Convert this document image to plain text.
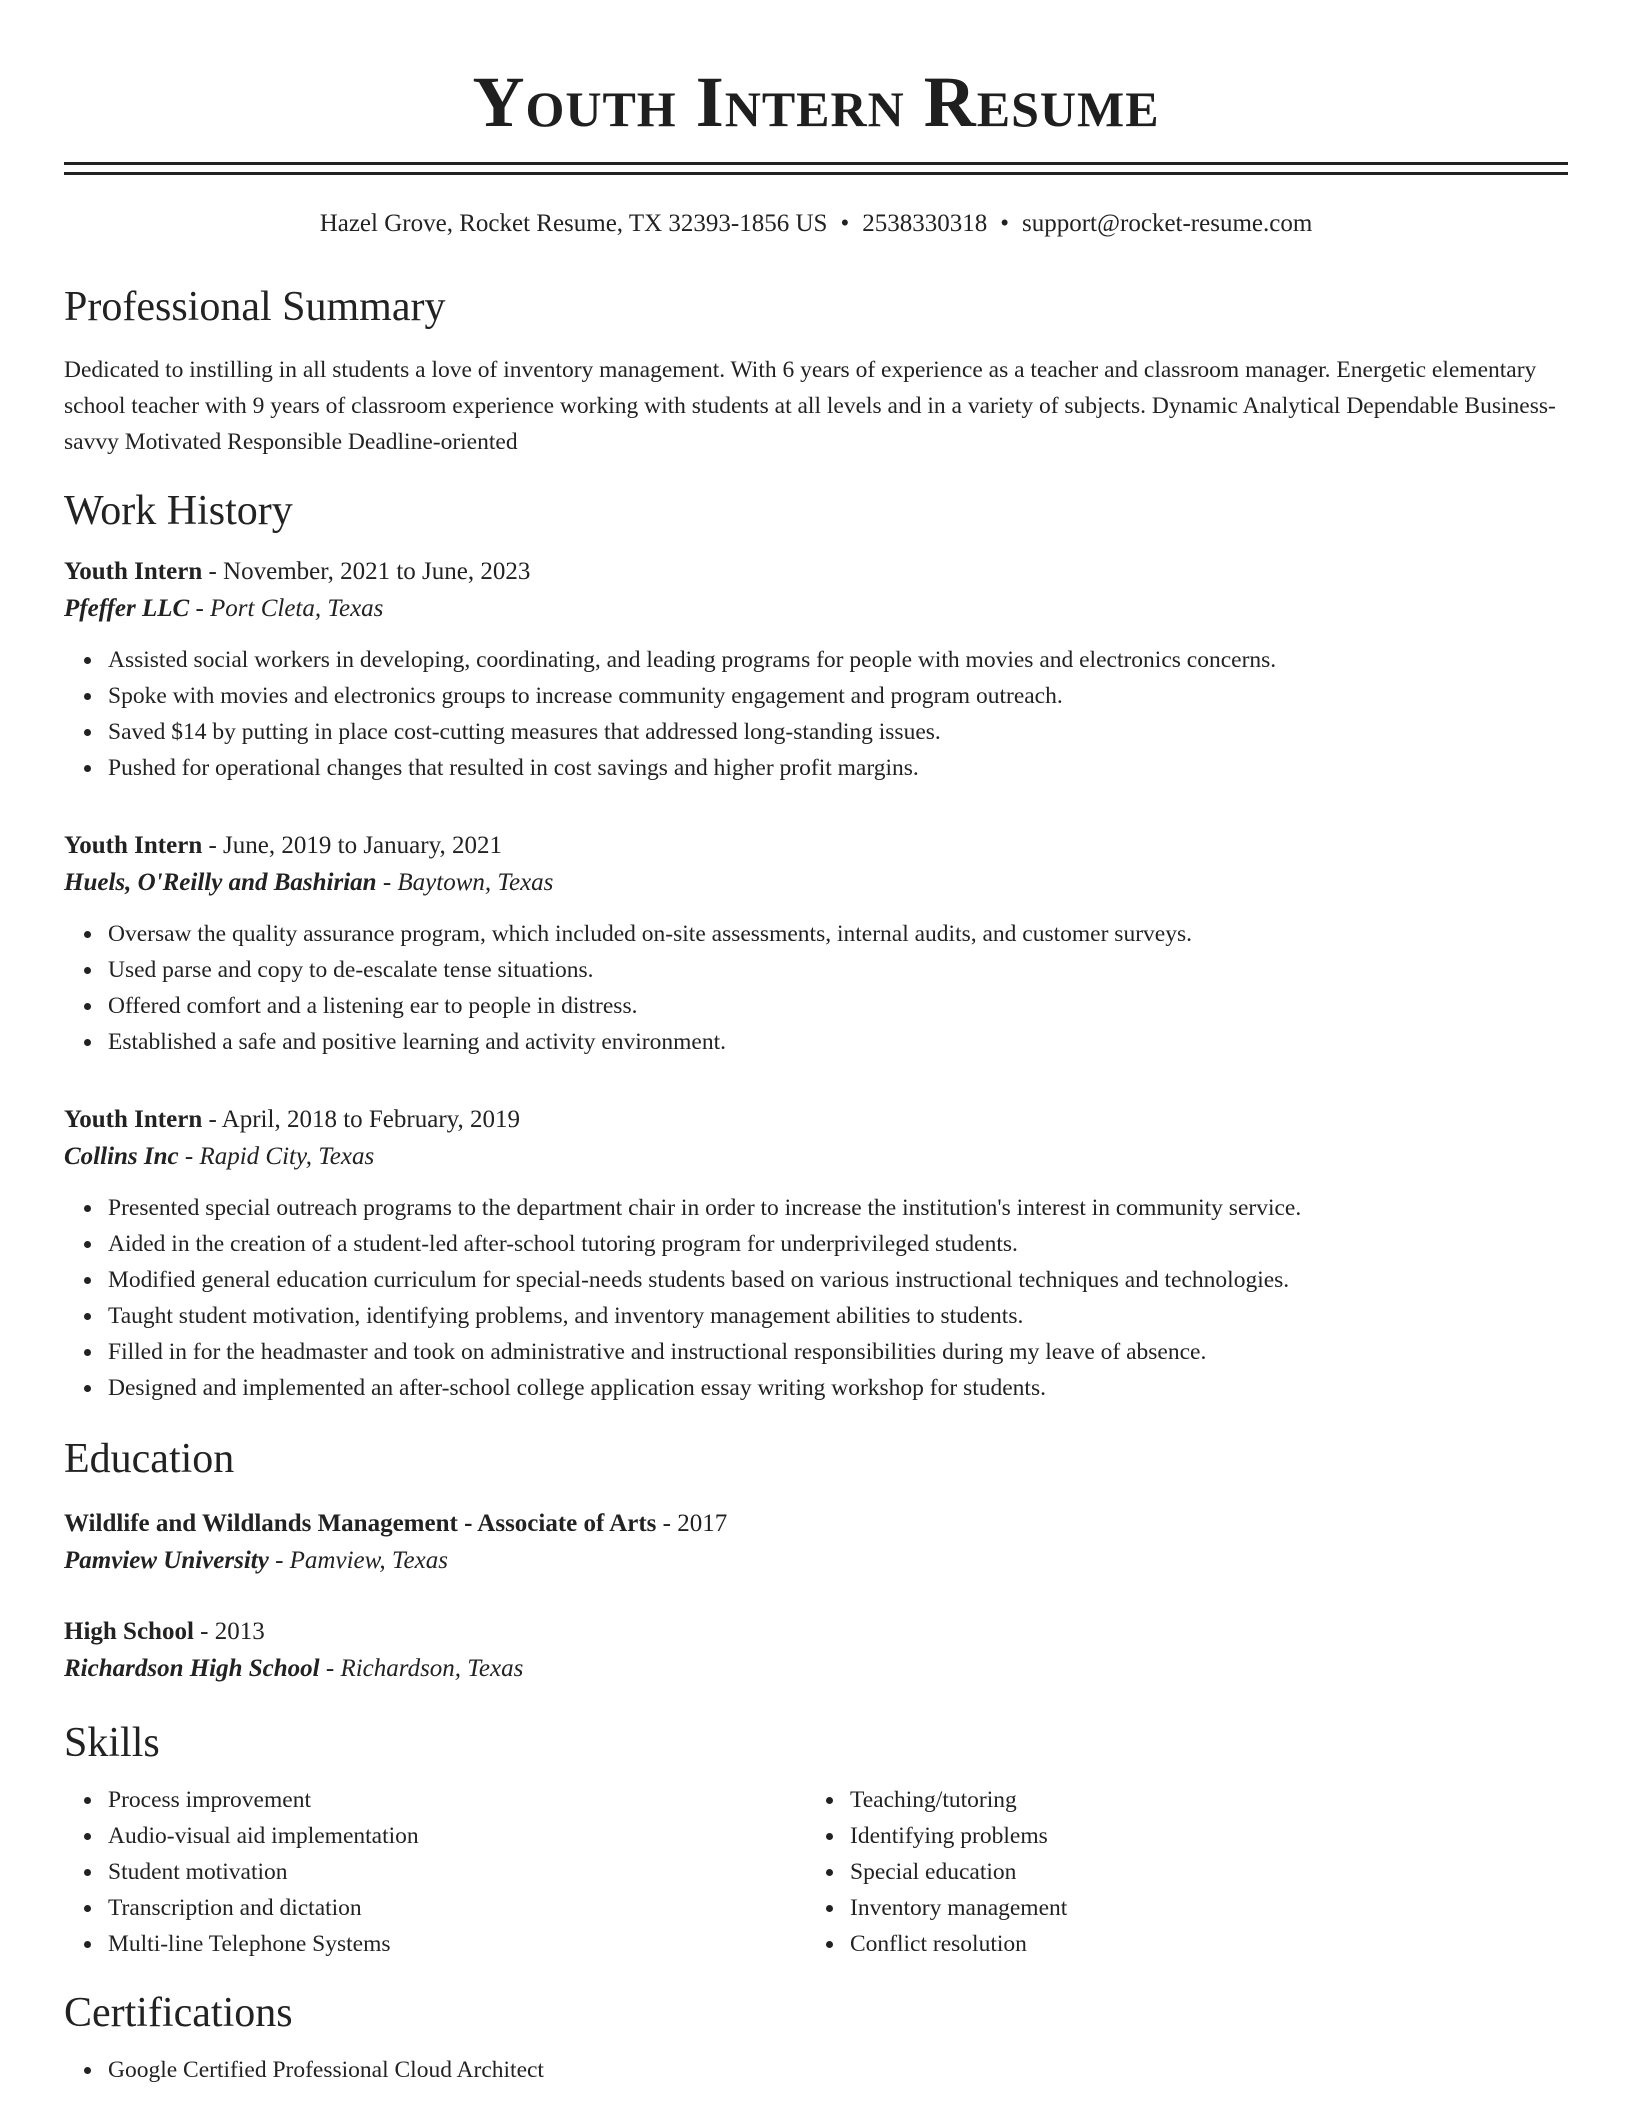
Youth Intern Resume
Hazel Grove, Rocket Resume, TX 32393-1856 US • 2538330318 • support@rocket-resume.com
Professional Summary

Dedicated to instilling in all students a love of inventory management. With 6 years of experience as a teacher and classroom manager. Energetic elementary school teacher with 9 years of classroom experience working with students at all levels and in a variety of subjects. Dynamic Analytical Dependable Business-savvy Motivated Responsible Deadline-oriented

Work History
Youth Intern - November, 2021 to June, 2023
Pfeffer LLC - Port Cleta, Texas
Assisted social workers in developing, coordinating, and leading programs for people with movies and electronics concerns.
Spoke with movies and electronics groups to increase community engagement and program outreach.
Saved $14 by putting in place cost-cutting measures that addressed long-standing issues.
Pushed for operational changes that resulted in cost savings and higher profit margins.
Youth Intern - June, 2019 to January, 2021
Huels, O'Reilly and Bashirian - Baytown, Texas
Oversaw the quality assurance program, which included on-site assessments, internal audits, and customer surveys.
Used parse and copy to de-escalate tense situations.
Offered comfort and a listening ear to people in distress.
Established a safe and positive learning and activity environment.
Youth Intern - April, 2018 to February, 2019
Collins Inc - Rapid City, Texas
Presented special outreach programs to the department chair in order to increase the institution's interest in community service.
Aided in the creation of a student-led after-school tutoring program for underprivileged students.
Modified general education curriculum for special-needs students based on various instructional techniques and technologies.
Taught student motivation, identifying problems, and inventory management abilities to students.
Filled in for the headmaster and took on administrative and instructional responsibilities during my leave of absence.
Designed and implemented an after-school college application essay writing workshop for students.
Education
Wildlife and Wildlands Management - Associate of Arts - 2017
Pamview University - Pamview, Texas
High School - 2013
Richardson High School - Richardson, Texas
Skills
Process improvement
Audio-visual aid implementation
Student motivation
Transcription and dictation
Multi-line Telephone Systems
Teaching/tutoring
Identifying problems
Special education
Inventory management
Conflict resolution
Certifications
Google Certified Professional Cloud Architect
